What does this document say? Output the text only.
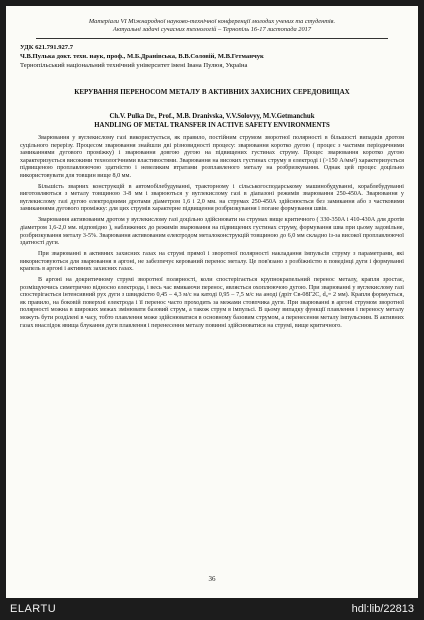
Матеріали VI Міжнародної науково-технічної конференції молодих учених та студентів.
Актуальні задачі сучасних технологій – Тернопіль 16-17 листопада 2017
УДК 621.791.927.7
Ч.В.Пулька докт. техн. наук, проф., М.Б.Дранівська, В.В.Соловій, М.В.Гетманчук
Тернопільський національний технічний університет імені Івана Пулюя, Україна
КЕРУВАННЯ ПЕРЕНОСОМ МЕТАЛУ В АКТИВНИХ ЗАХИСНИХ СЕРЕДОВИЩАХ
Ch.V. Pulka Dr., Prof., M.B. Dranivska, V.V.Solovyy, M.V.Getmanchuk
HANDLING OF METAL TRANSFER IN ACTIVE SAFETY ENVIRONMENTS

Зварювання у вуглекислому газі використується, як правило, постійним струмом зворотної полярності в більшості випадків дротом суцільного перерізу. Процесом зварювання знайшли дві різновидності процесу: зварювання коротко дугою ( процес з частими періодичними замиканнями дугового проміжку) і зварювання довгою дугою на підвищених густинах струму. Процес зварювання коротко дугою характеризується високими технологічними властивостями. Зварювання на високих густинах струму в електроді і (>150 А/мм²) характеризується підвищеною проплавлюючою здатністю і невеликим втратами розплавленого металу на розбризкування. Однак цей процес доцільно використовувати для товщин вище 8,0 мм.

Більшість зварних конструкцій в автомобілебудуванні, тракторному і сільськогосподарському машинобудуванні, кораблебудуванні виготовляються з металу товщиною 3-8 мм і зварюються у вуглекислому газі в діапазоні режимів зварювання 250-450А. Зварювання у вуглекислому газі дугою електродними дротами діаметром 1,6 і 2,0 мм. на струмах 250-450А здійснюється без замикання або з частковими замиканнями дугового проміжку: для цих струмів характерне підвищення розбризкування і погане формування швів.

Зварювання активованим дротом у вуглекислому газі доцільно здійснювати на струмах вище критичного ( 330-350А і 410-430А для дротів діаметром 1,6-2,0 мм. відповідно ), наближених до режимів зварювання на підвищених густинах струму, формування шва при цьому задовільне, розбризкування металу 3-5%. Зварювання активованим електродом металоконструкцій товщиною до 6,0 мм складно із-за високої проплавлюючої здатності дуги.

При зварюванні в активних захисних газах на струмі прямої і зворотної полярності накладання імпульсів струму з параметрами, які використовуються для зварювання в аргоні, не забезпечує керований перенос металу. Це пов'язано з розбіжністю в поведінці дуги і формуванні крапель в аргоні і активних захисних газах.

В аргоні на докритичному струмі зворотної полярності, коли спостерігається крупнокрапельний перенос металу, крапля зростає, розміщуючись симетрично відносно електрода, і весь час вмикаючи перенос, являється охоплюючою дугою. При зварюванні у вуглекислому газі спостерігається інтенсивний рух дуги з швидкістю 0,45 – 4,3 м/с на катоді 0,95 – 7,5 м/с на аноді (дріт Св-08Г2С, d₀= 2 мм). Крапля формується, як правило, на боковій поверхні електрода і її перенос часто проходить за межами стовпчика дуги. При зварюванні в аргоні струмом зворотної полярності можна в широких межах змінювати базовий струм, а також струм в імпульсі. В цьому випадку функції плавлення і переносу металу можуть бути розділені в часу, тобто плавлення може здійснюватися в основному базовим струмом, а перенесення металу імпульсним. В активних газах внаслідок явища блукання дуги плавлення і перенесення металу повинні здійснюватися на струмі, вище критичного.

36
ELARTU	hdl:lib/22813
